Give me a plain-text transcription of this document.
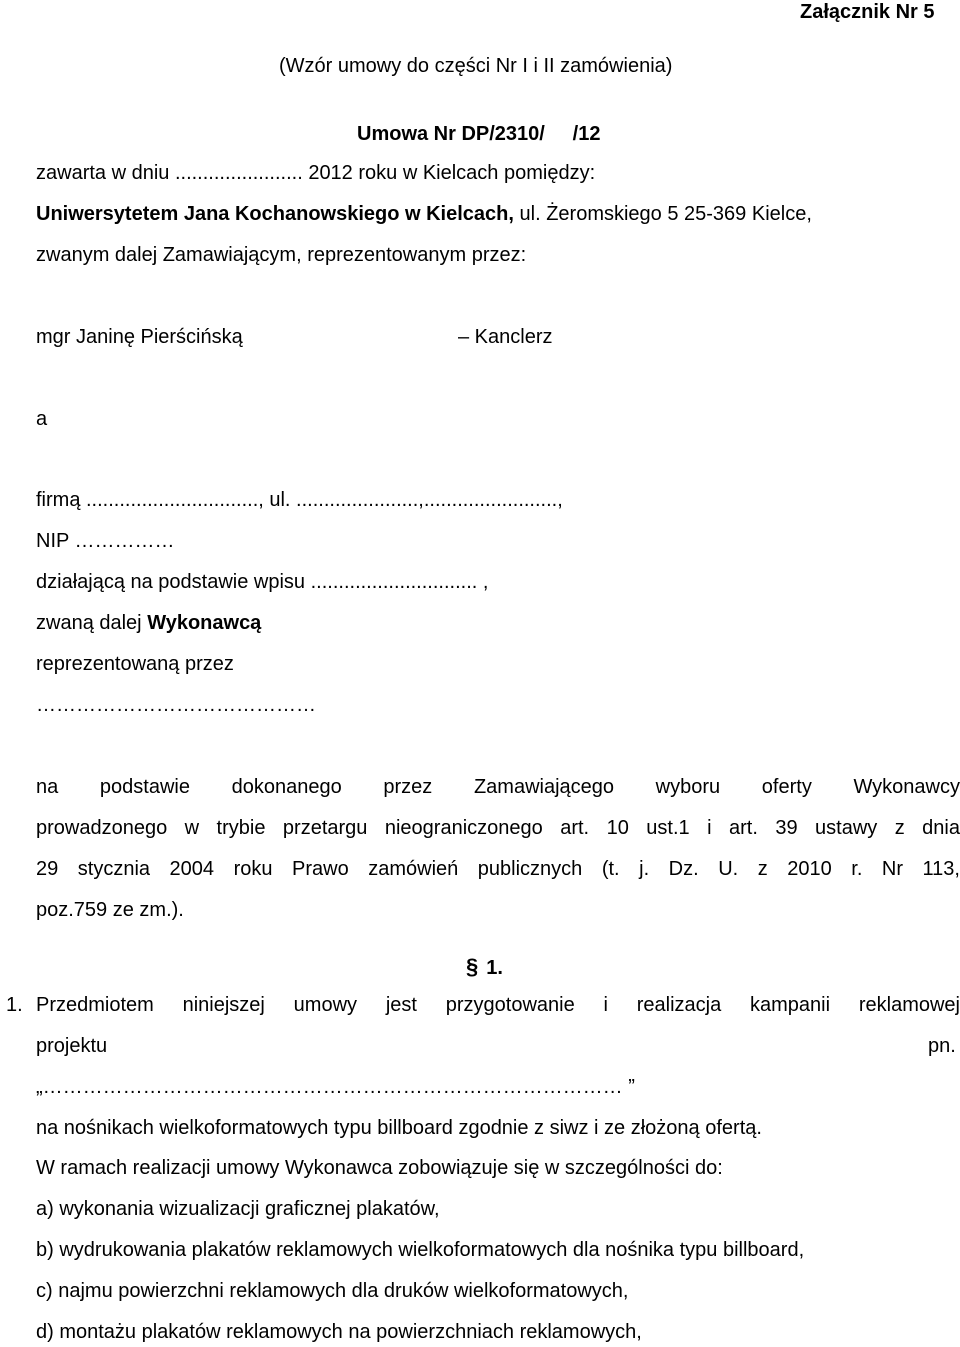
Załącznik Nr 5
(Wzór umowy do części Nr I i II zamówienia)
Umowa Nr DP/2310/     /12
zawarta w dniu ....................... 2012 roku w Kielcach pomiędzy:
Uniwersytetem Jana Kochanowskiego w Kielcach, ul. Żeromskiego 5 25-369 Kielce,
zwanym dalej Zamawiającym, reprezentowanym przez:
mgr Janinę Pierścińską	– Kanclerz
a
firmą ..............................., ul. ......................,........................,
NIP ……………
działającą na podstawie wpisu .............................. ,
zwaną dalej Wykonawcą
reprezentowaną przez
……………………………………
na podstawie dokonanego przez Zamawiającego wyboru oferty Wykonawcy
prowadzonego w trybie przetargu nieograniczonego art. 10 ust.1 i art. 39 ustawy z dnia
29 stycznia 2004 roku Prawo zamówień publicznych (t. j. Dz. U. z 2010 r. Nr 113,
poz.759 ze zm.).
§ 1.
1. Przedmiotem niniejszej umowy jest przygotowanie i realizacja kampanii reklamowej
projektu	pn.
„…………………………………………………………………………… ”
na nośnikach wielkoformatowych typu billboard zgodnie z siwz i ze złożoną ofertą.
W ramach realizacji umowy Wykonawca zobowiązuje się w szczególności do:
a) wykonania wizualizacji graficznej plakatów,
b) wydrukowania plakatów reklamowych wielkoformatowych dla nośnika typu billboard,
c) najmu powierzchni reklamowych dla druków wielkoformatowych,
d) montażu plakatów reklamowych na powierzchniach reklamowych,
